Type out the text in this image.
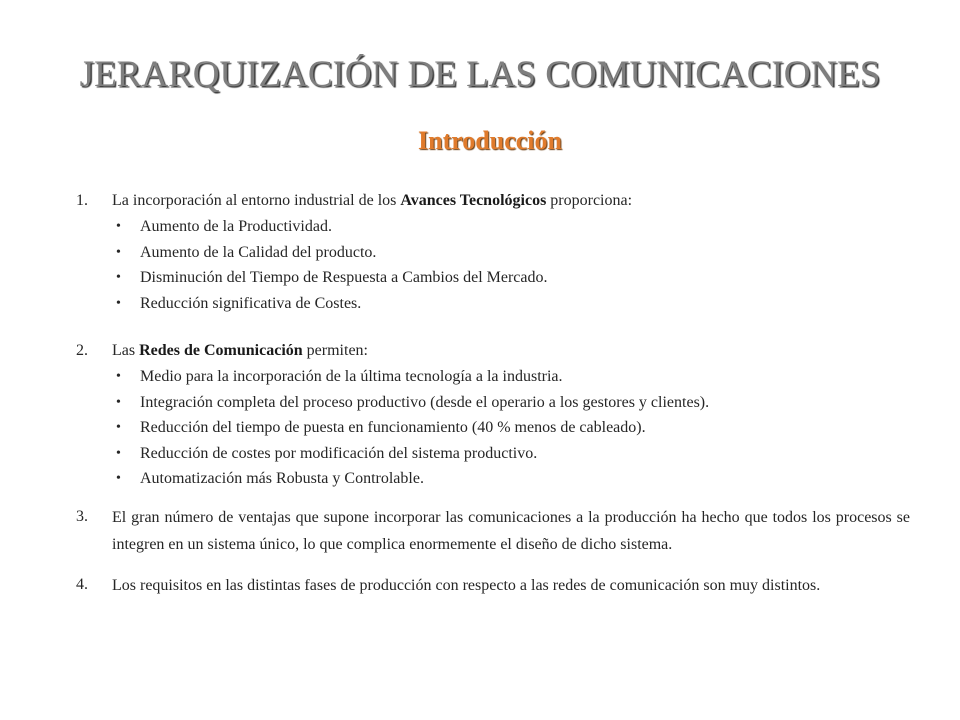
JERARQUIZACIÓN DE LAS COMUNICACIONES
Introducción
1.	La incorporación al entorno industrial de los Avances Tecnológicos proporciona:
•	Aumento de la Productividad.
•	Aumento de la Calidad del producto.
•	Disminución del Tiempo de Respuesta a Cambios del Mercado.
•	Reducción significativa de Costes.
2.	Las Redes de Comunicación permiten:
•	Medio para la incorporación de la última tecnología a la industria.
•	Integración completa del proceso productivo (desde el operario a los gestores y clientes).
•	Reducción del tiempo de puesta en funcionamiento (40 % menos de cableado).
•	Reducción de costes por modificación del sistema productivo.
•	Automatización más Robusta y Controlable.
3.	El gran número de ventajas que supone incorporar las comunicaciones a la producción ha hecho que todos los procesos se integren en un sistema único, lo que complica enormemente el diseño de dicho sistema.
4.	Los requisitos en las distintas fases de producción con respecto a las redes de comunicación son muy distintos.
